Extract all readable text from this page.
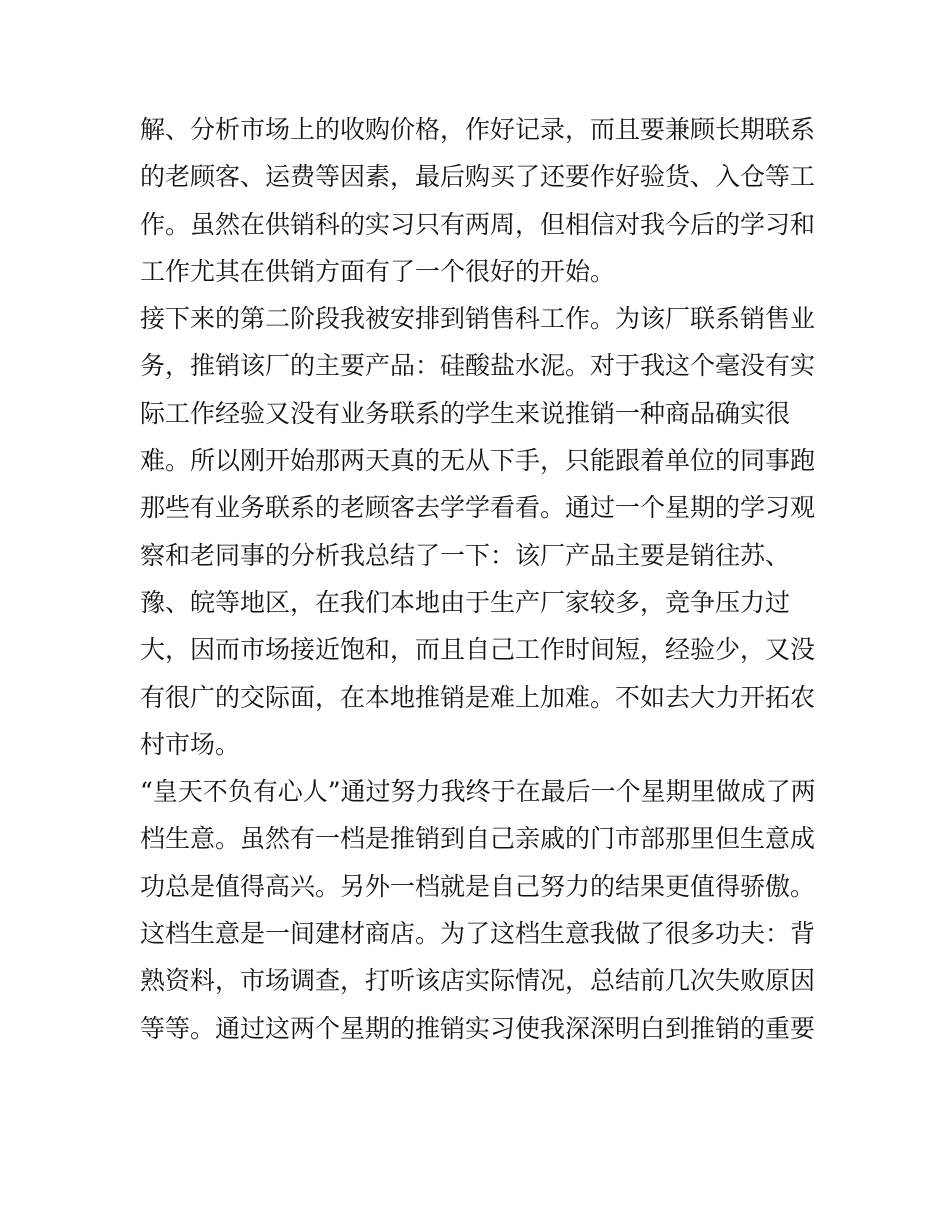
解、分析市场上的收购价格，作好记录，而且要兼顾长期联系
的老顾客、运费等因素，最后购买了还要作好验货、入仓等工
作。虽然在供销科的实习只有两周，但相信对我今后的学习和
工作尤其在供销方面有了一个很好的开始。
接下来的第二阶段我被安排到销售科工作。为该厂联系销售业
务，推销该厂的主要产品：硅酸盐水泥。对于我这个毫没有实
际工作经验又没有业务联系的学生来说推销一种商品确实很
难。所以刚开始那两天真的无从下手，只能跟着单位的同事跑
那些有业务联系的老顾客去学学看看。通过一个星期的学习观
察和老同事的分析我总结了一下：该厂产品主要是销往苏、
豫、皖等地区，在我们本地由于生产厂家较多，竞争压力过
大，因而市场接近饱和，而且自己工作时间短，经验少，又没
有很广的交际面，在本地推销是难上加难。不如去大力开拓农
村市场。
“皇天不负有心人”通过努力我终于在最后一个星期里做成了两
档生意。虽然有一档是推销到自己亲戚的门市部那里但生意成
功总是值得高兴。另外一档就是自己努力的结果更值得骄傲。
这档生意是一间建材商店。为了这档生意我做了很多功夫：背
熟资料，市场调查，打听该店实际情况，总结前几次失败原因
等等。通过这两个星期的推销实习使我深深明白到推销的重要
